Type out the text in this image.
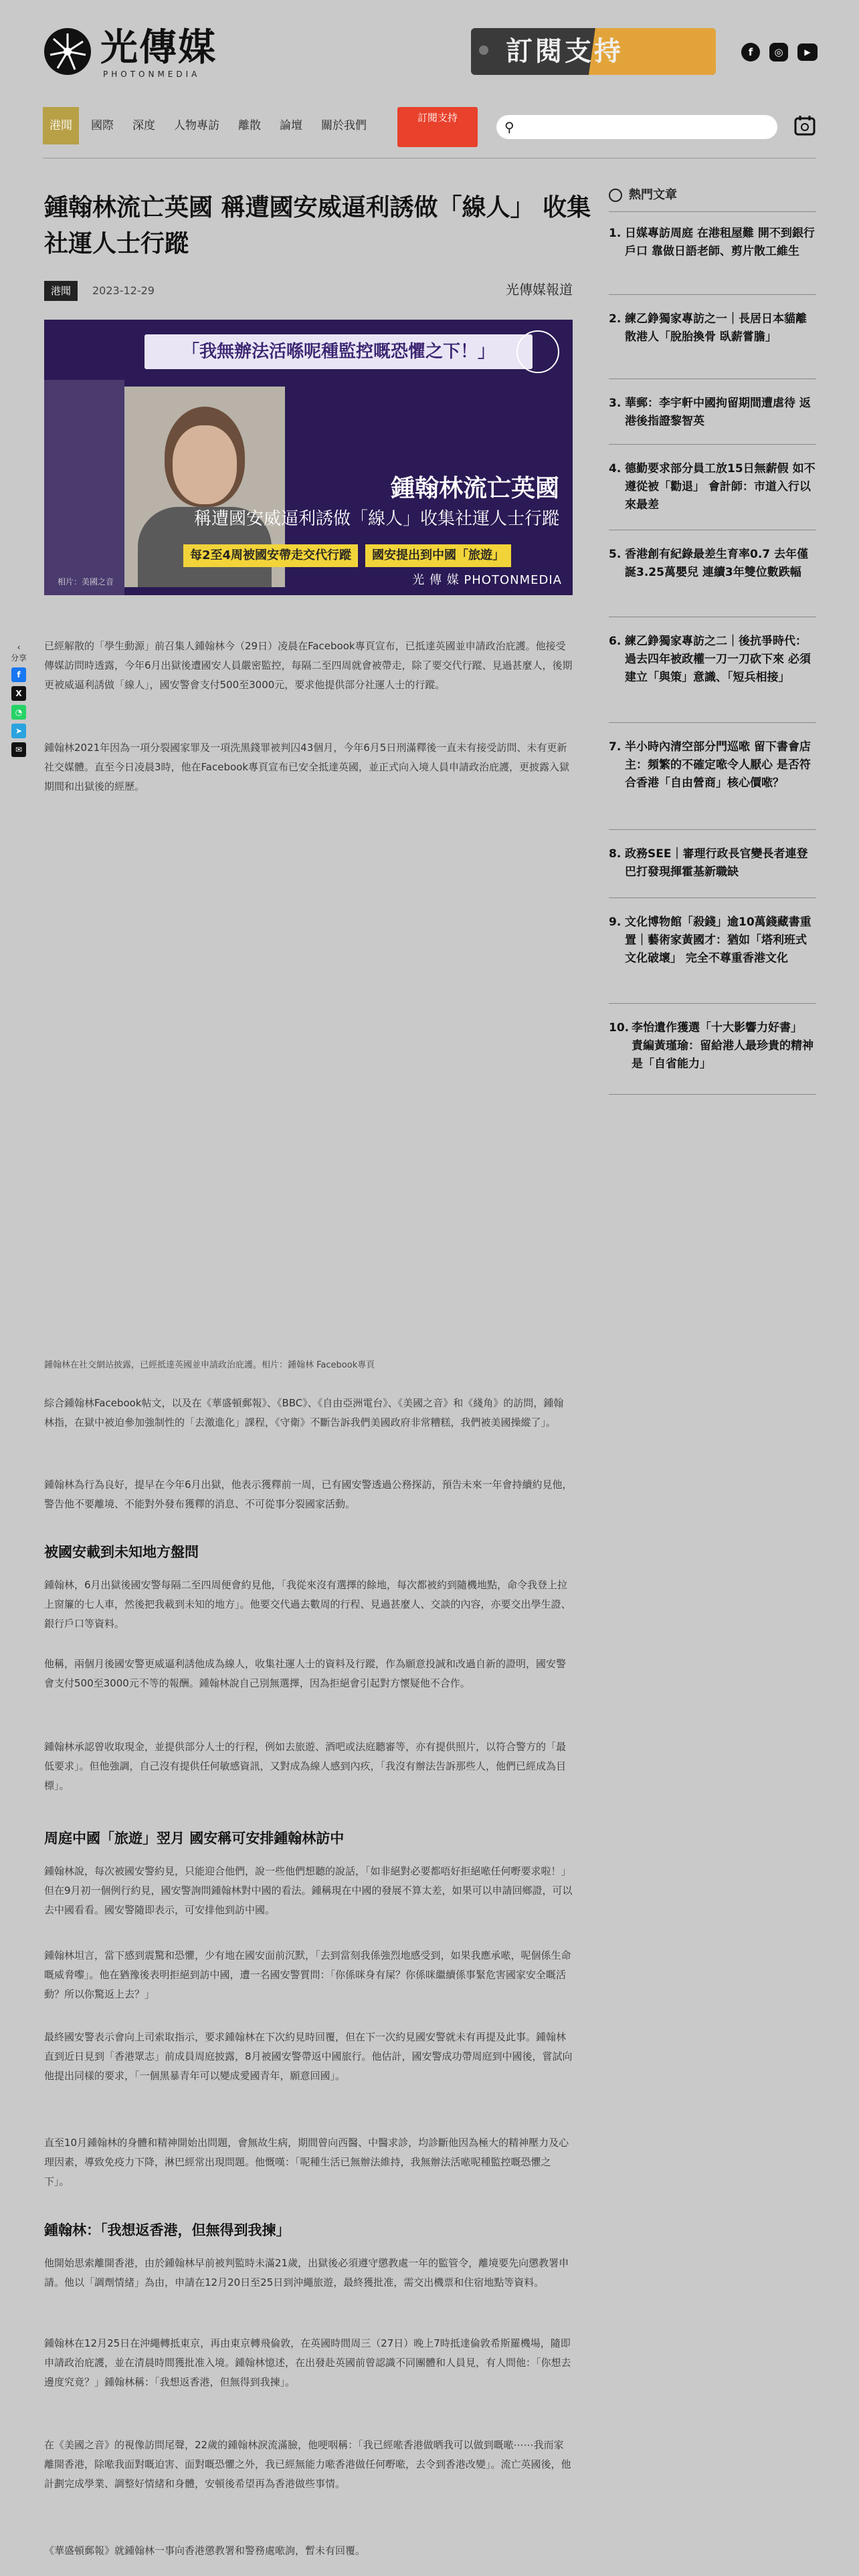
光傳媒
PHOTONMEDIA
訂閱支持	f	◎	▶
港聞	國際 深度 人物專訪 離散 論壇 關於我們
訂閱支持
⚲
鍾翰林流亡英國 稱遭國安威逼利誘做「線人」 收集社運人士行蹤
港聞	2023-12-29	光傳媒報道
「我無辦法活喺呢種監控嘅恐懼之下！」
鍾翰林流亡英國
稱遭國安威逼利誘做「線人」收集社運人士行蹤
每2至4周被國安帶走交代行蹤	國安提出到中國「旅遊」
相片：美國之音	光 傳 媒 PHOTONMEDIA
‹
分享
f
X
◔
➤
✉

已經解散的「學生動源」前召集人鍾翰林今（29日）凌晨在Facebook專頁宣布，已抵達英國並申請政治庇護。他接受傳媒訪問時透露，今年6月出獄後遭國安人員嚴密監控，每隔二至四周就會被帶走，除了要交代行蹤、見過甚麼人，後期更被威逼利誘做「線人」，國安警會支付500至3000元，要求他提供部分社運人士的行蹤。

鍾翰林2021年因為一項分裂國家罪及一項洗黑錢罪被判囚43個月，今年6月5日刑滿釋後一直未有接受訪問、未有更新社交媒體。直至今日凌晨3時，他在Facebook專頁宣布已安全抵達英國，並正式向入境人員申請政治庇護，更披露入獄期間和出獄後的經歷。

鍾翰林在社交網站披露，已經抵達英國並申請政治庇護。相片：鍾翰林 Facebook專頁

綜合鍾翰林Facebook帖文，以及在《華盛頓郵報》、《BBC》、《自由亞洲電台》、《美國之音》和《綫角》的訪問，鍾翰林指，在獄中被迫參加強制性的「去激進化」課程，《守衛》不斷告訴我們美國政府非常糟糕，我們被美國操縱了」。

鍾翰林為行為良好，提早在今年6月出獄，他表示獲釋前一周，已有國安警透過公務探訪，預告未來一年會持續約見他，警告他不要離境、不能對外發布獲釋的消息、不可從事分裂國家活動。

被國安載到未知地方盤問

鍾翰林，6月出獄後國安警每隔二至四周便會約見他，「我從來沒有選擇的餘地，每次都被約到隨機地點，命令我登上拉上窗簾的七人車，然後把我載到未知的地方」。他要交代過去數周的行程、見過甚麼人、交談的內容，亦要交出學生證、銀行戶口等資料。

他稱，兩個月後國安警更威逼利誘他成為線人，收集社運人士的資料及行蹤，作為願意投誠和改過自新的證明，國安警會支付500至3000元不等的報酬。鍾翰林說自己別無選擇，因為拒絕會引起對方懷疑他不合作。

鍾翰林承認曾收取現金，並提供部分人士的行程，例如去旅遊、酒吧或法庭聽審等，亦有提供照片，以符合警方的「最低要求」。但他強調，自己沒有提供任何敏感資訊，又對成為線人感到內疚，「我沒有辦法告訴那些人，他們已經成為目標」。

周庭中國「旅遊」翌月 國安稱可安排鍾翰林訪中

鍾翰林說，每次被國安警約見，只能迎合他們，說一些他們想聽的說話，「如非絕對必要都唔好拒絕𠵱任何嘢要求啦！」但在9月初一個例行約見，國安警詢問鍾翰林對中國的看法。鍾稱現在中國的發展不算太差，如果可以申請回鄉證，可以去中國看看。國安警隨即表示，可安排他到訪中國。

鍾翰林坦言，當下感到震驚和恐懼，少有地在國安面前沉默，「去到當刻我係強烈地感受到，如果我應承𠵱，呢個係生命嘅威脅嚟」。他在猶豫後表明拒絕到訪中國，遭一名國安警質問：「你係咪身有屎？你係咪繼續係事緊危害國家安全嘅活動？所以你驚返上去？」

最終國安警表示會向上司索取指示，要求鍾翰林在下次約見時回覆，但在下一次約見國安警就未有再提及此事。鍾翰林直到近日見到「香港眾志」前成員周庭披露，8月被國安警帶返中國旅行。他估計，國安警成功帶周庭到中國後，嘗試向他提出同樣的要求，「一個黑暴青年可以變成愛國青年，願意回國」。

直至10月鍾翰林的身體和精神開始出問題，會無故生病，期間曾向西醫、中醫求診，均診斷他因為極大的精神壓力及心理因素，導致免疫力下降，淋巴經常出現問題。他慨嘆：「呢種生活已無辦法維持，我無辦法活𠵱呢種監控嘅恐懼之下」。

鍾翰林：「我想返香港，但無得到我揀」

他開始思索離開香港，由於鍾翰林早前被判監時未滿21歲，出獄後必須遵守懲教處一年的監管令，離境要先向懲教署申請。他以「調劑情緒」為由，申請在12月20日至25日到沖繩旅遊，最終獲批准，需交出機票和住宿地點等資料。

鍾翰林在12月25日在沖繩轉抵東京，再由東京轉飛倫敦，在英國時間周三（27日）晚上7時抵達倫敦希斯羅機場，隨即申請政治庇護，並在清晨時間獲批准入境。鍾翰林憶述，在出發赴英國前曾認識不同團體和人員見，有人問他：「你想去邊度究竟？」鍾翰林稱：「我想返香港，但無得到我揀」。

在《美國之音》的視像訪問尾聲，22歲的鍾翰林淚流滿臉，他哽咽稱：「我已經𠵱香港做晒我可以做到嘅𠵱⋯⋯我而家離開香港，除𠵱我面對嘅迫害、面對嘅恐懼之外，我已經無能力𠵱香港做任何嘢𠵱，去令到香港改變」。流亡英國後，他計劃完成學業、調整好情緒和身體，安頓後希望再為香港做些事情。

《華盛頓郵報》就鍾翰林一事向香港懲教署和警務處𠵱詢，暫未有回覆。

熱門文章
1. 日媒專訪周庭 在港租屋難 開不到銀行戶口 靠做日語老師、剪片散工維生
2. 練乙錚獨家專訪之一｜長居日本貓離散港人「脫胎換骨 臥薪嘗膽」
3. 華郵：李宇軒中國拘留期間遭虐待 返港後指證黎智英
4. 德勤要求部分員工放15日無薪假 如不遵從被「勸退」 會計師：市道入行以來最差
5. 香港創有紀錄最差生育率0.7 去年僅誕3.25萬嬰兒 連續3年雙位數跌幅
6. 練乙錚獨家專訪之二｜後抗爭時代：過去四年被政權一刀一刀砍下來 必須建立「與策」意識、「短兵相接」
7. 半小時內清空部分門巡𠵱 留下書會店主：頻繁的不確定𠵱令人厭心 是否符合香港「自由營商」核心價𠵱？
8. 政務SEE｜審理行政長官變長者連登巴打發現揮霍基新職缺
9. 文化博物館「殺錢」逾10萬錢藏書重置｜藝術家黃國才：猶如「塔利班式文化破壞」 完全不尊重香港文化
10. 李怡遺作獲選「十大影響力好書」 責編黃瑾瑜：留給港人最珍貴的精神是「自省能力」
